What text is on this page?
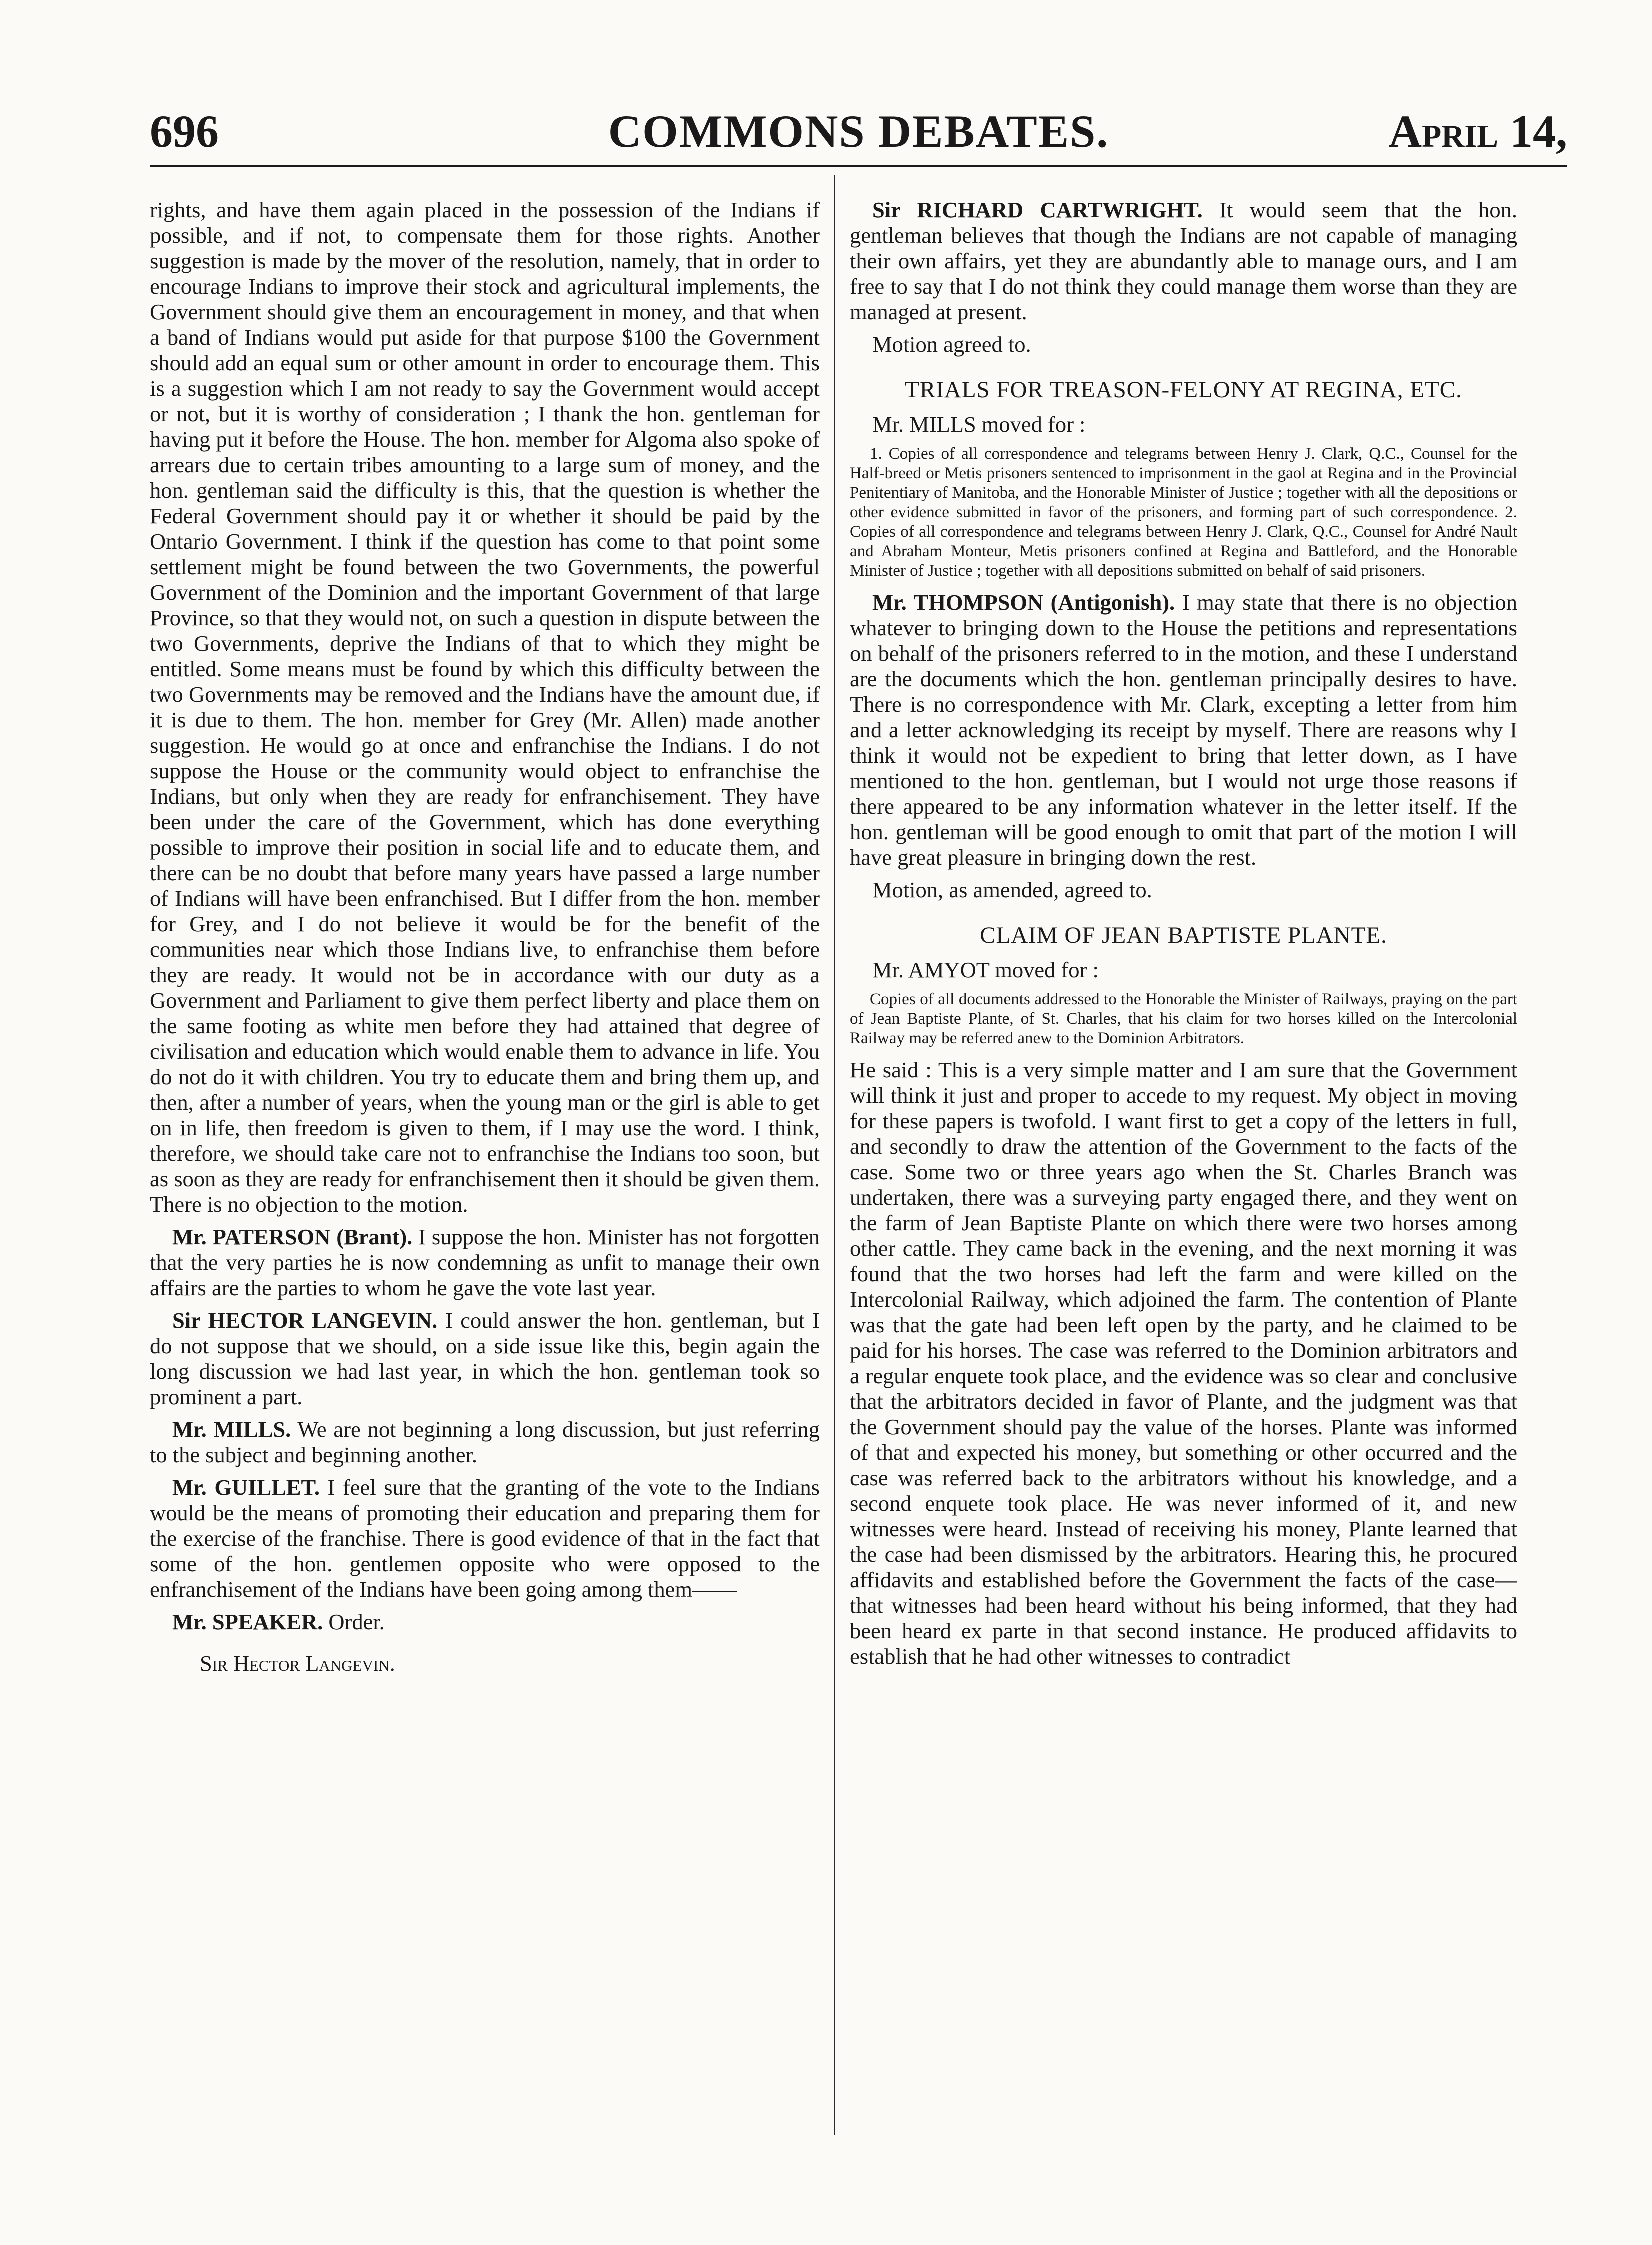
696	COMMONS DEBATES.	April 14,

rights, and have them again placed in the possession of the Indians if possible, and if not, to compensate them for those rights. Another suggestion is made by the mover of the resolution, namely, that in order to encourage Indians to improve their stock and agricultural implements, the Government should give them an encouragement in money, and that when a band of Indians would put aside for that purpose $100 the Government should add an equal sum or other amount in order to encourage them. This is a suggestion which I am not ready to say the Government would accept or not, but it is worthy of consideration ; I thank the hon. gentleman for having put it before the House. The hon. member for Algoma also spoke of arrears due to certain tribes amounting to a large sum of money, and the hon. gentleman said the difficulty is this, that the question is whether the Federal Government should pay it or whether it should be paid by the Ontario Government. I think if the question has come to that point some settlement might be found between the two Governments, the powerful Government of the Dominion and the important Government of that large Province, so that they would not, on such a question in dispute between the two Governments, deprive the Indians of that to which they might be entitled. Some means must be found by which this difficulty between the two Governments may be removed and the Indians have the amount due, if it is due to them. The hon. member for Grey (Mr. Allen) made another suggestion. He would go at once and enfranchise the Indians. I do not suppose the House or the community would object to enfranchise the Indians, but only when they are ready for enfranchisement. They have been under the care of the Government, which has done everything possible to improve their position in social life and to educate them, and there can be no doubt that before many years have passed a large number of Indians will have been enfranchised. But I differ from the hon. member for Grey, and I do not believe it would be for the benefit of the communities near which those Indians live, to enfranchise them before they are ready. It would not be in accordance with our duty as a Government and Parliament to give them perfect liberty and place them on the same footing as white men before they had attained that degree of civilisation and education which would enable them to advance in life. You do not do it with children. You try to educate them and bring them up, and then, after a number of years, when the young man or the girl is able to get on in life, then freedom is given to them, if I may use the word. I think, therefore, we should take care not to enfranchise the Indians too soon, but as soon as they are ready for enfranchisement then it should be given them. There is no objection to the motion.

Mr. PATERSON (Brant). I suppose the hon. Minister has not forgotten that the very parties he is now condemning as unfit to manage their own affairs are the parties to whom he gave the vote last year.

Sir HECTOR LANGEVIN. I could answer the hon. gentleman, but I do not suppose that we should, on a side issue like this, begin again the long discussion we had last year, in which the hon. gentleman took so prominent a part.

Mr. MILLS. We are not beginning a long discussion, but just referring to the subject and beginning another.

Mr. GUILLET. I feel sure that the granting of the vote to the Indians would be the means of promoting their education and preparing them for the exercise of the franchise. There is good evidence of that in the fact that some of the hon. gentlemen opposite who were opposed to the enfranchisement of the Indians have been going among them——

Mr. SPEAKER. Order.

Sir Hector Langevin.

Sir RICHARD CARTWRIGHT. It would seem that the hon. gentleman believes that though the Indians are not capable of managing their own affairs, yet they are abundantly able to manage ours, and I am free to say that I do not think they could manage them worse than they are managed at present.

Motion agreed to.

TRIALS FOR TREASON-FELONY AT REGINA, ETC.

Mr. MILLS moved for :

1. Copies of all correspondence and telegrams between Henry J. Clark, Q.C., Counsel for the Half-breed or Metis prisoners sentenced to imprisonment in the gaol at Regina and in the Provincial Penitentiary of Manitoba, and the Honorable Minister of Justice ; together with all the depositions or other evidence submitted in favor of the prisoners, and forming part of such correspondence. 2. Copies of all correspondence and telegrams between Henry J. Clark, Q.C., Counsel for André Nault and Abraham Monteur, Metis prisoners confined at Regina and Battleford, and the Honorable Minister of Justice ; together with all depositions submitted on behalf of said prisoners.

Mr. THOMPSON (Antigonish). I may state that there is no objection whatever to bringing down to the House the petitions and representations on behalf of the prisoners referred to in the motion, and these I understand are the documents which the hon. gentleman principally desires to have. There is no correspondence with Mr. Clark, excepting a letter from him and a letter acknowledging its receipt by myself. There are reasons why I think it would not be expedient to bring that letter down, as I have mentioned to the hon. gentleman, but I would not urge those reasons if there appeared to be any information whatever in the letter itself. If the hon. gentleman will be good enough to omit that part of the motion I will have great pleasure in bringing down the rest.

Motion, as amended, agreed to.

CLAIM OF JEAN BAPTISTE PLANTE.

Mr. AMYOT moved for :

Copies of all documents addressed to the Honorable the Minister of Railways, praying on the part of Jean Baptiste Plante, of St. Charles, that his claim for two horses killed on the Intercolonial Railway may be referred anew to the Dominion Arbitrators.

He said : This is a very simple matter and I am sure that the Government will think it just and proper to accede to my request. My object in moving for these papers is twofold. I want first to get a copy of the letters in full, and secondly to draw the attention of the Government to the facts of the case. Some two or three years ago when the St. Charles Branch was undertaken, there was a surveying party engaged there, and they went on the farm of Jean Baptiste Plante on which there were two horses among other cattle. They came back in the evening, and the next morning it was found that the two horses had left the farm and were killed on the Intercolonial Railway, which adjoined the farm. The contention of Plante was that the gate had been left open by the party, and he claimed to be paid for his horses. The case was referred to the Dominion arbitrators and a regular enquete took place, and the evidence was so clear and conclusive that the arbitrators decided in favor of Plante, and the judgment was that the Government should pay the value of the horses. Plante was informed of that and expected his money, but something or other occurred and the case was referred back to the arbitrators without his knowledge, and a second enquete took place. He was never informed of it, and new witnesses were heard. Instead of receiving his money, Plante learned that the case had been dismissed by the arbitrators. Hearing this, he procured affidavits and established before the Government the facts of the case—that witnesses had been heard without his being informed, that they had been heard ex parte in that second instance. He produced affidavits to establish that he had other witnesses to contradict
